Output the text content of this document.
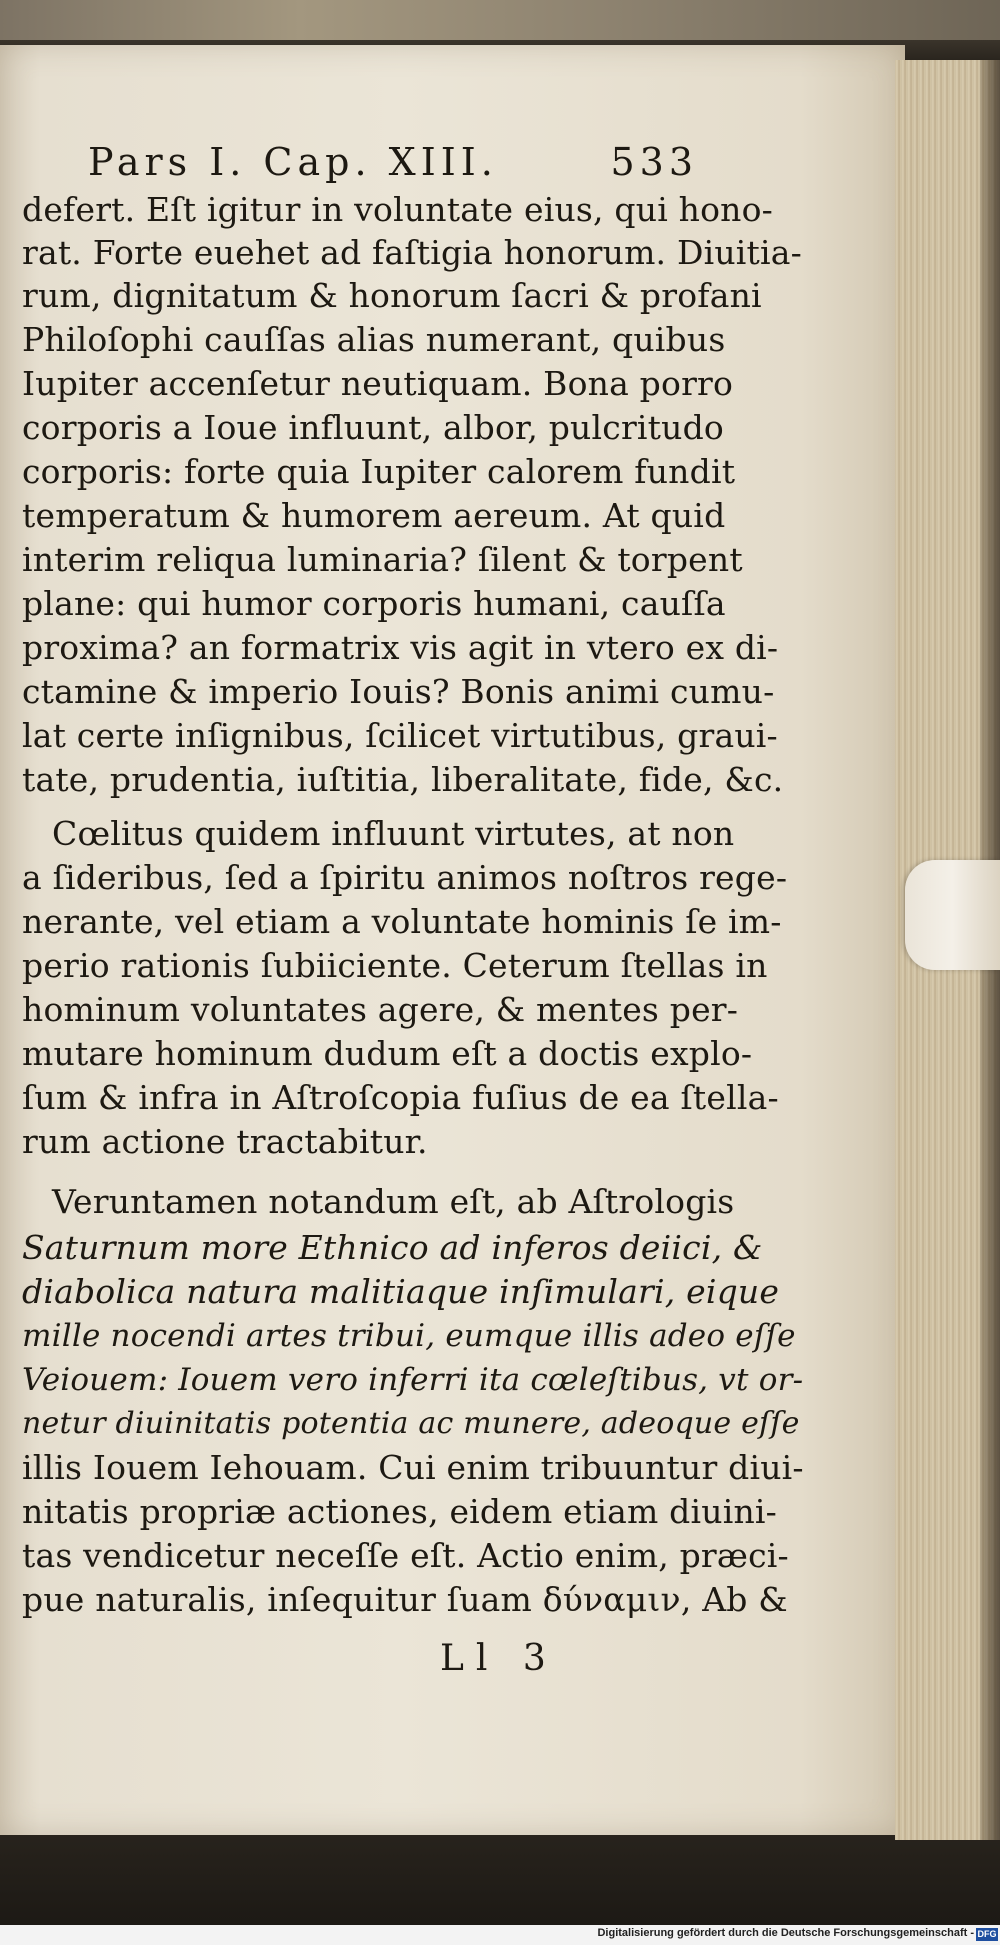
Pars I. Cap. XIII.	533
defert. Eſt igitur in voluntate eius, qui hono-
rat. Forte euehet ad faſtigia honorum. Diuitia-
rum, dignitatum & honorum ſacri & profani
Philoſophi cauſſas alias numerant, quibus
Iupiter accenſetur neutiquam. Bona porro
corporis a Ioue influunt, albor, pulcritudo
corporis: forte quia Iupiter calorem fundit
temperatum & humorem aereum. At quid
interim reliqua luminaria? ſilent & torpent
plane: qui humor corporis humani, cauſſa
proxima? an formatrix vis agit in vtero ex di-
ctamine & imperio Iouis? Bonis animi cumu-
lat certe inſignibus, ſcilicet virtutibus, graui-
tate, prudentia, iuſtitia, liberalitate, fide, &c.
Cœlitus quidem influunt virtutes, at non
a ſideribus, ſed a ſpiritu animos noſtros rege-
nerante, vel etiam a voluntate hominis ſe im-
perio rationis ſubiiciente. Ceterum ſtellas in
hominum voluntates agere, & mentes per-
mutare hominum dudum eſt a doctis explo-
ſum & infra in Aſtroſcopia fuſius de ea ſtella-
rum actione tractabitur.
Veruntamen notandum eſt, ab Aſtrologis
Saturnum more Ethnico ad inferos deiici, &
diabolica natura malitiaque inſimulari, eique
mille nocendi artes tribui, eumque illis adeo eſſe
Veiouem: Iouem vero inferri ita cœleſtibus, vt or-
netur diuinitatis potentia ac munere, adeoque eſſe
illis Iouem Iehouam. Cui enim tribuuntur diui-
nitatis propriæ actiones, eidem etiam diuini-
tas vendicetur neceſſe eſt. Actio enim, præci-
pue naturalis, inſequitur ſuam δύναμιν, Ab &
Ll 3
Digitalisierung gefördert durch die Deutsche Forschungsgemeinschaft - DFG
